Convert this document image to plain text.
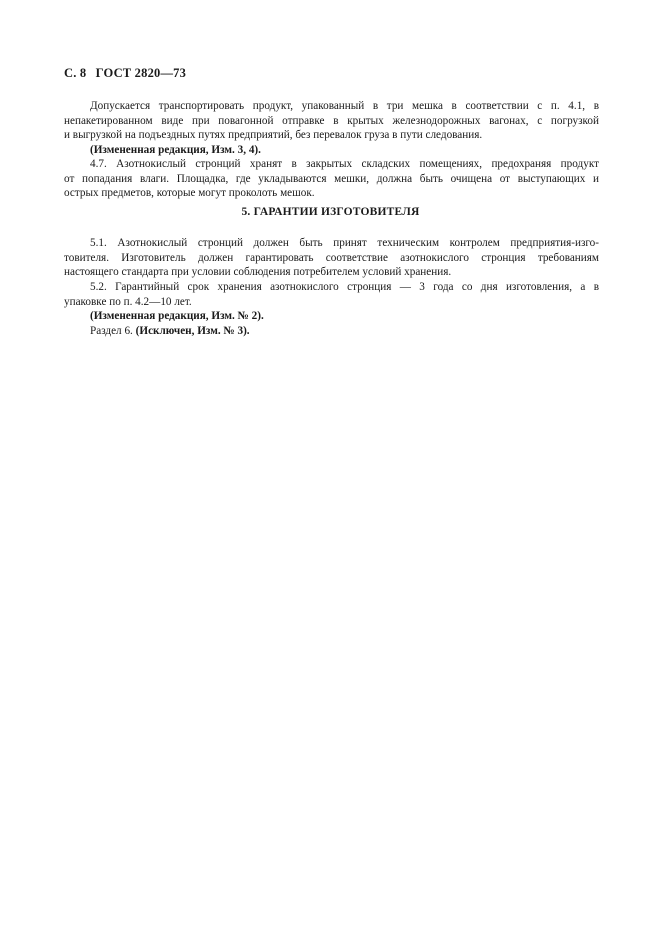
С. 8 ГОСТ 2820—73
Допускается транспортировать продукт, упакованный в три мешка в соответствии с п. 4.1, в
непакетированном виде при повагонной отправке в крытых железнодорожных вагонах, с погрузкой
и выгрузкой на подъездных путях предприятий, без перевалок груза в пути следования.
(Измененная редакция, Изм. 3, 4).
4.7. Азотнокислый стронций хранят в закрытых складских помещениях, предохраняя продукт
от попадания влаги. Площадка, где укладываются мешки, должна быть очищена от выступающих и
острых предметов, которые могут проколоть мешок.
5. ГАРАНТИИ ИЗГОТОВИТЕЛЯ
5.1. Азотнокислый стронций должен быть принят техническим контролем предприятия-изго-
товителя. Изготовитель должен гарантировать соответствие азотнокислого стронция требованиям
настоящего стандарта при условии соблюдения потребителем условий хранения.
5.2. Гарантийный срок хранения азотнокислого стронция — 3 года со дня изготовления, а в
упаковке по п. 4.2—10 лет.
(Измененная редакция, Изм. № 2).
Раздел 6. (Исключен, Изм. № 3).
